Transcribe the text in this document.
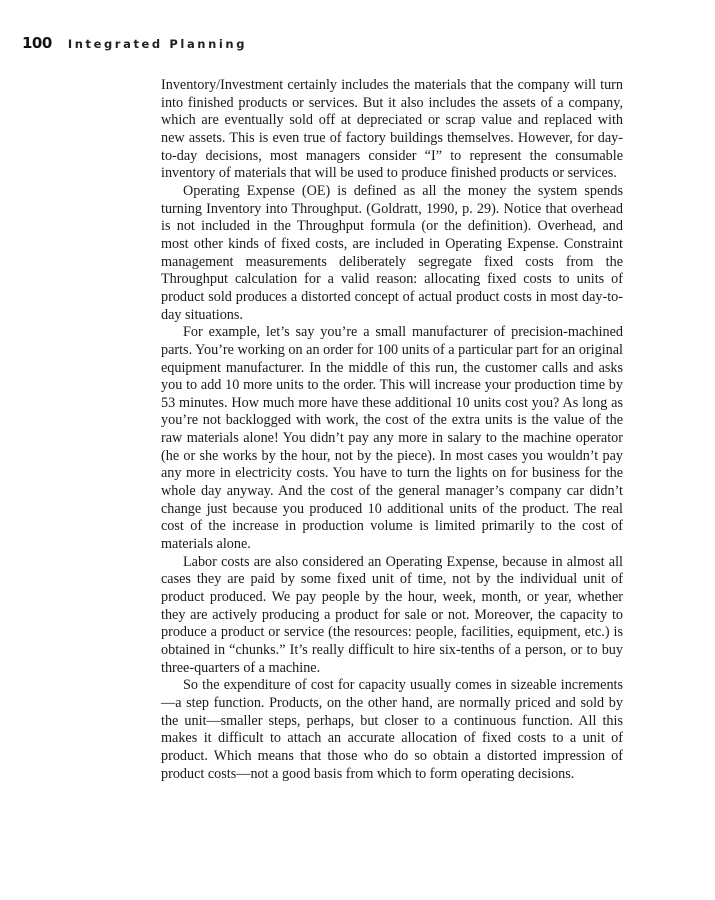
100 Integrated Planning

Inventory/Investment certainly includes the materials that the company will turn into finished products or services. But it also includes the assets of a company, which are eventually sold off at depreciated or scrap value and replaced with new assets. This is even true of factory buildings themselves. However, for day-to-day decisions, most managers consider “I” to represent the consumable inventory of materials that will be used to produce finished products or services.

Operating Expense (OE) is defined as all the money the system spends turning Inventory into Throughput. (Goldratt, 1990, p. 29). Notice that overhead is not included in the Throughput formula (or the definition). Overhead, and most other kinds of fixed costs, are included in Operating Expense. Constraint management measurements deliberately segregate fixed costs from the Throughput calculation for a valid reason: allocating fixed costs to units of product sold produces a distorted concept of actual product costs in most day-to-day situations.

For example, let’s say you’re a small manufacturer of precision-machined parts. You’re working on an order for 100 units of a particular part for an original equipment manufacturer. In the middle of this run, the customer calls and asks you to add 10 more units to the order. This will increase your production time by 53 minutes. How much more have these additional 10 units cost you? As long as you’re not backlogged with work, the cost of the extra units is the value of the raw materials alone! You didn’t pay any more in salary to the machine operator (he or she works by the hour, not by the piece). In most cases you wouldn’t pay any more in electricity costs. You have to turn the lights on for business for the whole day anyway. And the cost of the general manager’s company car didn’t change just because you produced 10 additional units of the product. The real cost of the increase in production volume is limited primarily to the cost of materials alone.

Labor costs are also considered an Operating Expense, because in almost all cases they are paid by some fixed unit of time, not by the individual unit of product produced. We pay people by the hour, week, month, or year, whether they are actively producing a product for sale or not. Moreover, the capacity to produce a product or service (the resources: people, facilities, equipment, etc.) is obtained in “chunks.” It’s really difficult to hire six-tenths of a person, or to buy three-quarters of a machine.

So the expenditure of cost for capacity usually comes in sizeable increments—a step function. Products, on the other hand, are normally priced and sold by the unit—smaller steps, perhaps, but closer to a continuous function. All this makes it difficult to attach an accurate allocation of fixed costs to a unit of product. Which means that those who do so obtain a distorted impression of product costs—not a good basis from which to form operating decisions.
